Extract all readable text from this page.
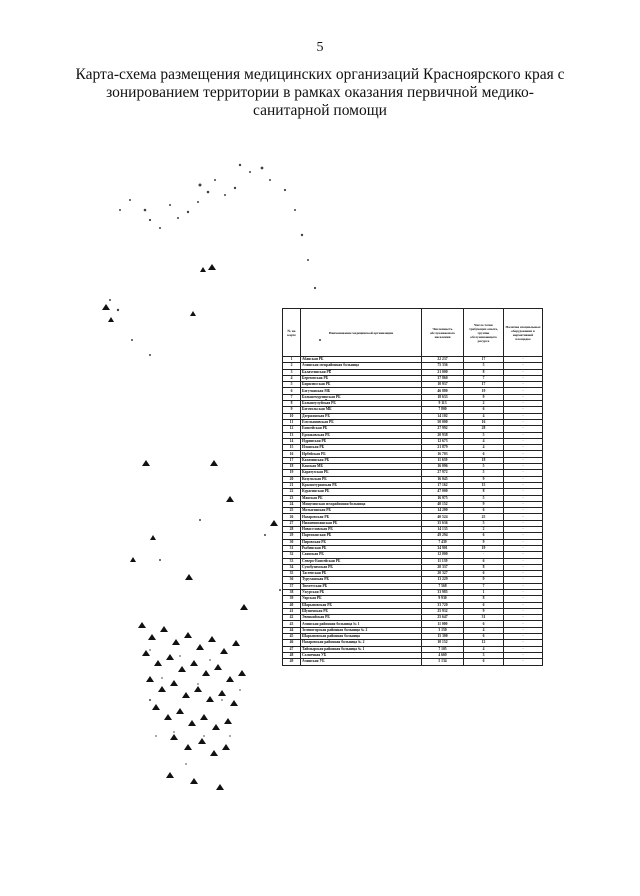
5
Карта-схема размещения медицинских организаций Красноярского края с зонированием территории в рамках оказания первичной медико-санитарной помощи
№ на карте	Наименование медицинской организации	Численность обслуживаемого населения	Число точек требующих опыта, группы обслуживающего ресурса	Наличие специальных оборудования в нормативной площадке
1	Абанская РБ	22 237	17	-
2	Ачинская межрайонная больница	75 336	5	-
3	Балахтинская РБ	21 000	8	-
4	Березовская РБ	37 860	7	-
5	Бирилюсская РБ	10 937	17	-
6	Богучанская МБ	46 880	19	-
7	Большемуртинская РБ	18 633	9	-
8	Большеулуйская РБ	9 113	2	-
9	Боготольская МБ	7 800	6	-
10	Дзержинская РБ	14 102	4	-
11	Емельяновская РБ	50 000	16	-
12	Енисейская РБ	27 992	28	-
13	Ермаковская РБ	20 938	5	-
14	Идринская РБ	12 673	4	-
15	Иланская РБ	21 879	4	-
16	Ирбейская РБ	16 703	6	-
17	Казачинская РБ	11 639	18	-
18	Канская МБ	16 096	5	-
19	Каратузская РБ	27 972	5	-
20	Козульская РБ	16 045	9	-
21	Краснотуранская РБ	17 162	15	-
22	Курагинская РБ	47 000	8	-
23	Манская РБ	16 975	5	-
24	Минусинская межрайонная больница	40 152	9	-
25	Мотыгинская РБ	14 200	6	-
26	Назаровская РБ	40 524	25	-
27	Нижнеингашская РБ	35 636	5	-
28	Новоселовская РБ	14 135	2	-
29	Партизанская РБ	49 294	6	-
30	Пировская РБ	7 439	9	-
31	Рыбинская РБ	34 901	19	-
32	Саянская РБ	12 000	-	-
33	Северо-Енисейская РБ	11 139	6	-
34	Сухобузимская РБ	20 337	8	-
35	Тасеевская РБ	20 327	6	-
36	Туруханская РБ	13 229	9	-
37	Тюхтетская РБ	7 568	7	-
38	Ужурская РБ	33 985	1	-
39	Уярская РБ	9 930	8	-
40	Шарыповская РБ	33 720	6	-
41	Шушенская РБ	25 932	9	-
42	Эвенкийская РБ	25 647	31	-
43	Ачинская районная больница № 1	11 000	6	-
44	Зеленогорская районная больница № 2	3 150	4	-
45	Шарыповская районная больница	15 300	6	-
46	Назаровская районная больница № 2	10 152	12	-
47	Таймырская районная больница № 1	7 105	4	-
48	Солнечная УБ	4 669	3	-
49	Ачинская УБ	5 134	6	-
